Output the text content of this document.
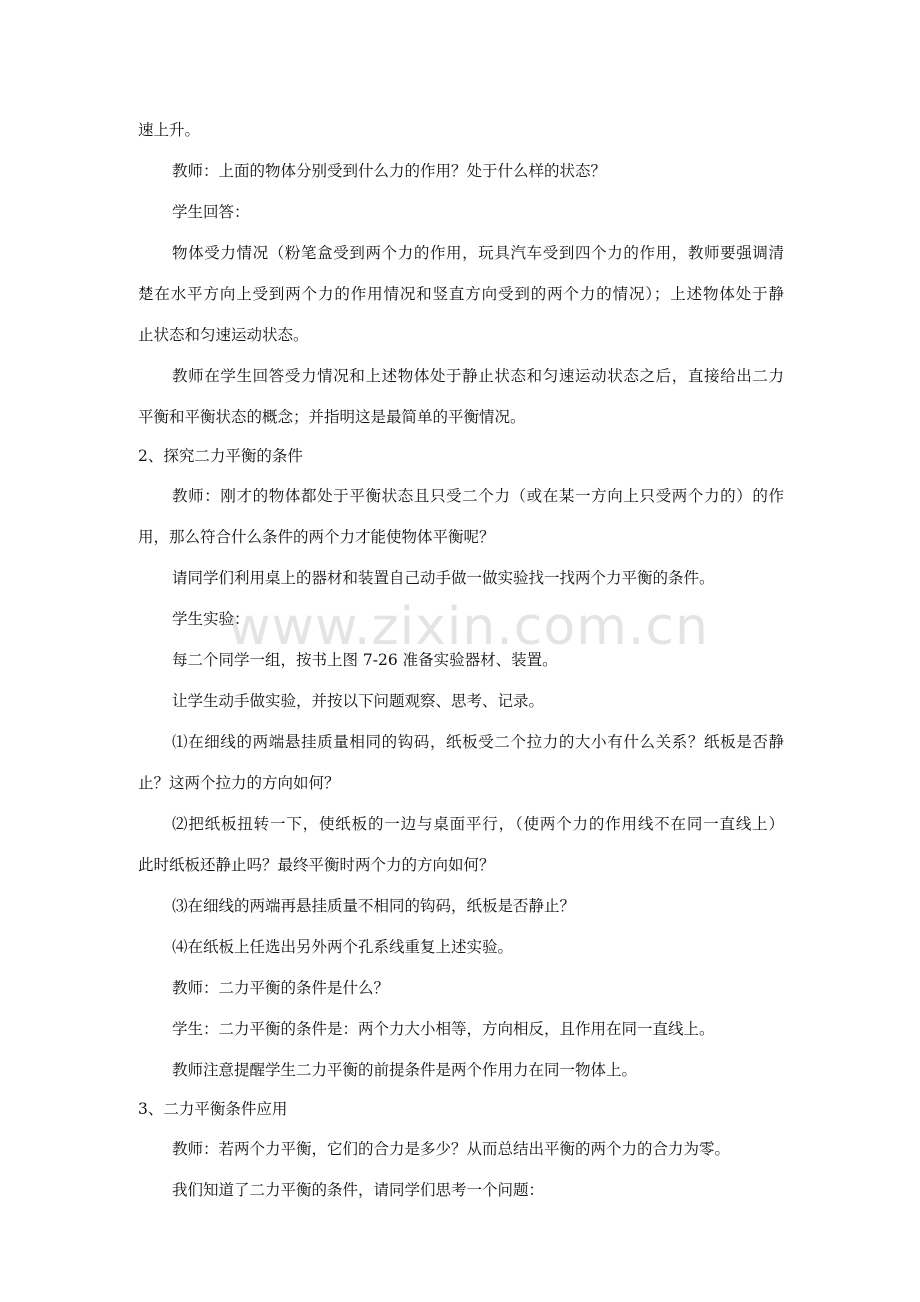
www.zixin.com.cn

速上升。

教师：上面的物体分别受到什么力的作用？处于什么样的状态？

学生回答：

物体受力情况（粉笔盒受到两个力的作用，玩具汽车受到四个力的作用，教师要强调清

楚在水平方向上受到两个力的作用情况和竖直方向受到的两个力的情况）；上述物体处于静

止状态和匀速运动状态。

教师在学生回答受力情况和上述物体处于静止状态和匀速运动状态之后，直接给出二力

平衡和平衡状态的概念；并指明这是最简单的平衡情况。

2、探究二力平衡的条件

教师：刚才的物体都处于平衡状态且只受二个力（或在某一方向上只受两个力的）的作

用，那么符合什么条件的两个力才能使物体平衡呢？

请同学们利用桌上的器材和装置自己动手做一做实验找一找两个力平衡的条件。

学生实验：

每二个同学一组，按书上图 7-26 准备实验器材、装置。

让学生动手做实验，并按以下问题观察、思考、记录。

⑴在细线的两端悬挂质量相同的钩码，纸板受二个拉力的大小有什么关系？纸板是否静

止？这两个拉力的方向如何？

⑵把纸板扭转一下，使纸板的一边与桌面平行，（使两个力的作用线不在同一直线上）

此时纸板还静止吗？最终平衡时两个力的方向如何？

⑶在细线的两端再悬挂质量不相同的钩码，纸板是否静止？

⑷在纸板上任选出另外两个孔系线重复上述实验。

教师：二力平衡的条件是什么？

学生：二力平衡的条件是：两个力大小相等，方向相反，且作用在同一直线上。

教师注意提醒学生二力平衡的前提条件是两个作用力在同一物体上。

3、二力平衡条件应用

教师：若两个力平衡，它们的合力是多少？从而总结出平衡的两个力的合力为零。

我们知道了二力平衡的条件，请同学们思考一个问题：
